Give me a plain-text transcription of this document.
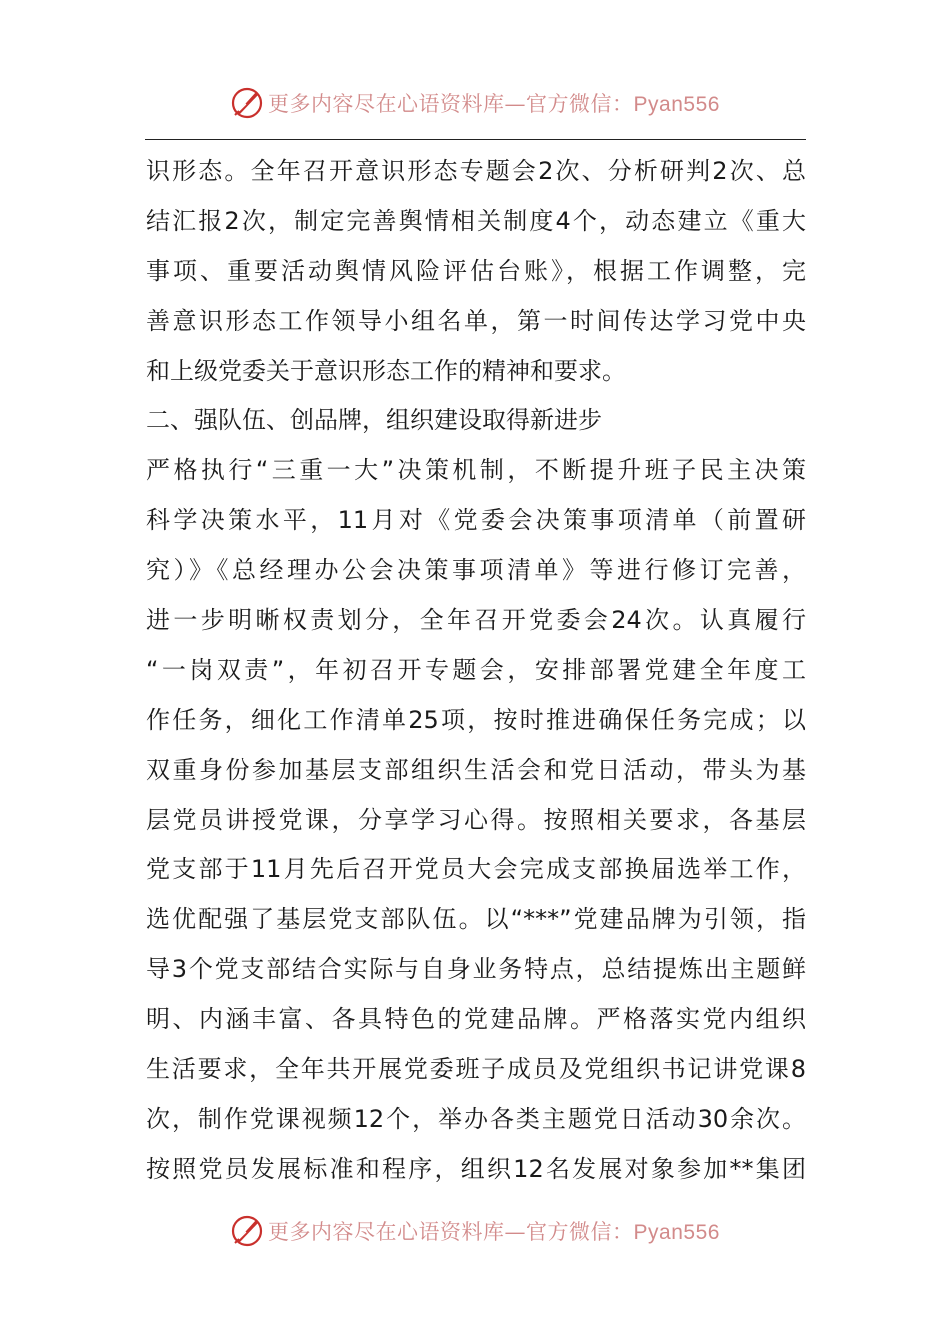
更多内容尽在心语资料库—官方微信：Pyan556
识形态。全年召开意识形态专题会2次、分析研判2次、总
结汇报2次，制定完善舆情相关制度4个，动态建立《重大
事项、重要活动舆情风险评估台账》，根据工作调整，完
善意识形态工作领导小组名单，第一时间传达学习党中央
和上级党委关于意识形态工作的精神和要求。
二、强队伍、创品牌，组织建设取得新进步
严格执行“三重一大”决策机制，不断提升班子民主决策
科学决策水平，11月对《党委会决策事项清单（前置研
究）》《总经理办公会决策事项清单》等进行修订完善，
进一步明晰权责划分，全年召开党委会24次。认真履行
“一岗双责”，年初召开专题会，安排部署党建全年度工
作任务，细化工作清单25项，按时推进确保任务完成；以
双重身份参加基层支部组织生活会和党日活动，带头为基
层党员讲授党课，分享学习心得。按照相关要求，各基层
党支部于11月先后召开党员大会完成支部换届选举工作，
选优配强了基层党支部队伍。以“***”党建品牌为引领，指
导3个党支部结合实际与自身业务特点，总结提炼出主题鲜
明、内涵丰富、各具特色的党建品牌。严格落实党内组织
生活要求，全年共开展党委班子成员及党组织书记讲党课8
次，制作党课视频12个，举办各类主题党日活动30余次。
按照党员发展标准和程序，组织12名发展对象参加**集团
更多内容尽在心语资料库—官方微信：Pyan556
